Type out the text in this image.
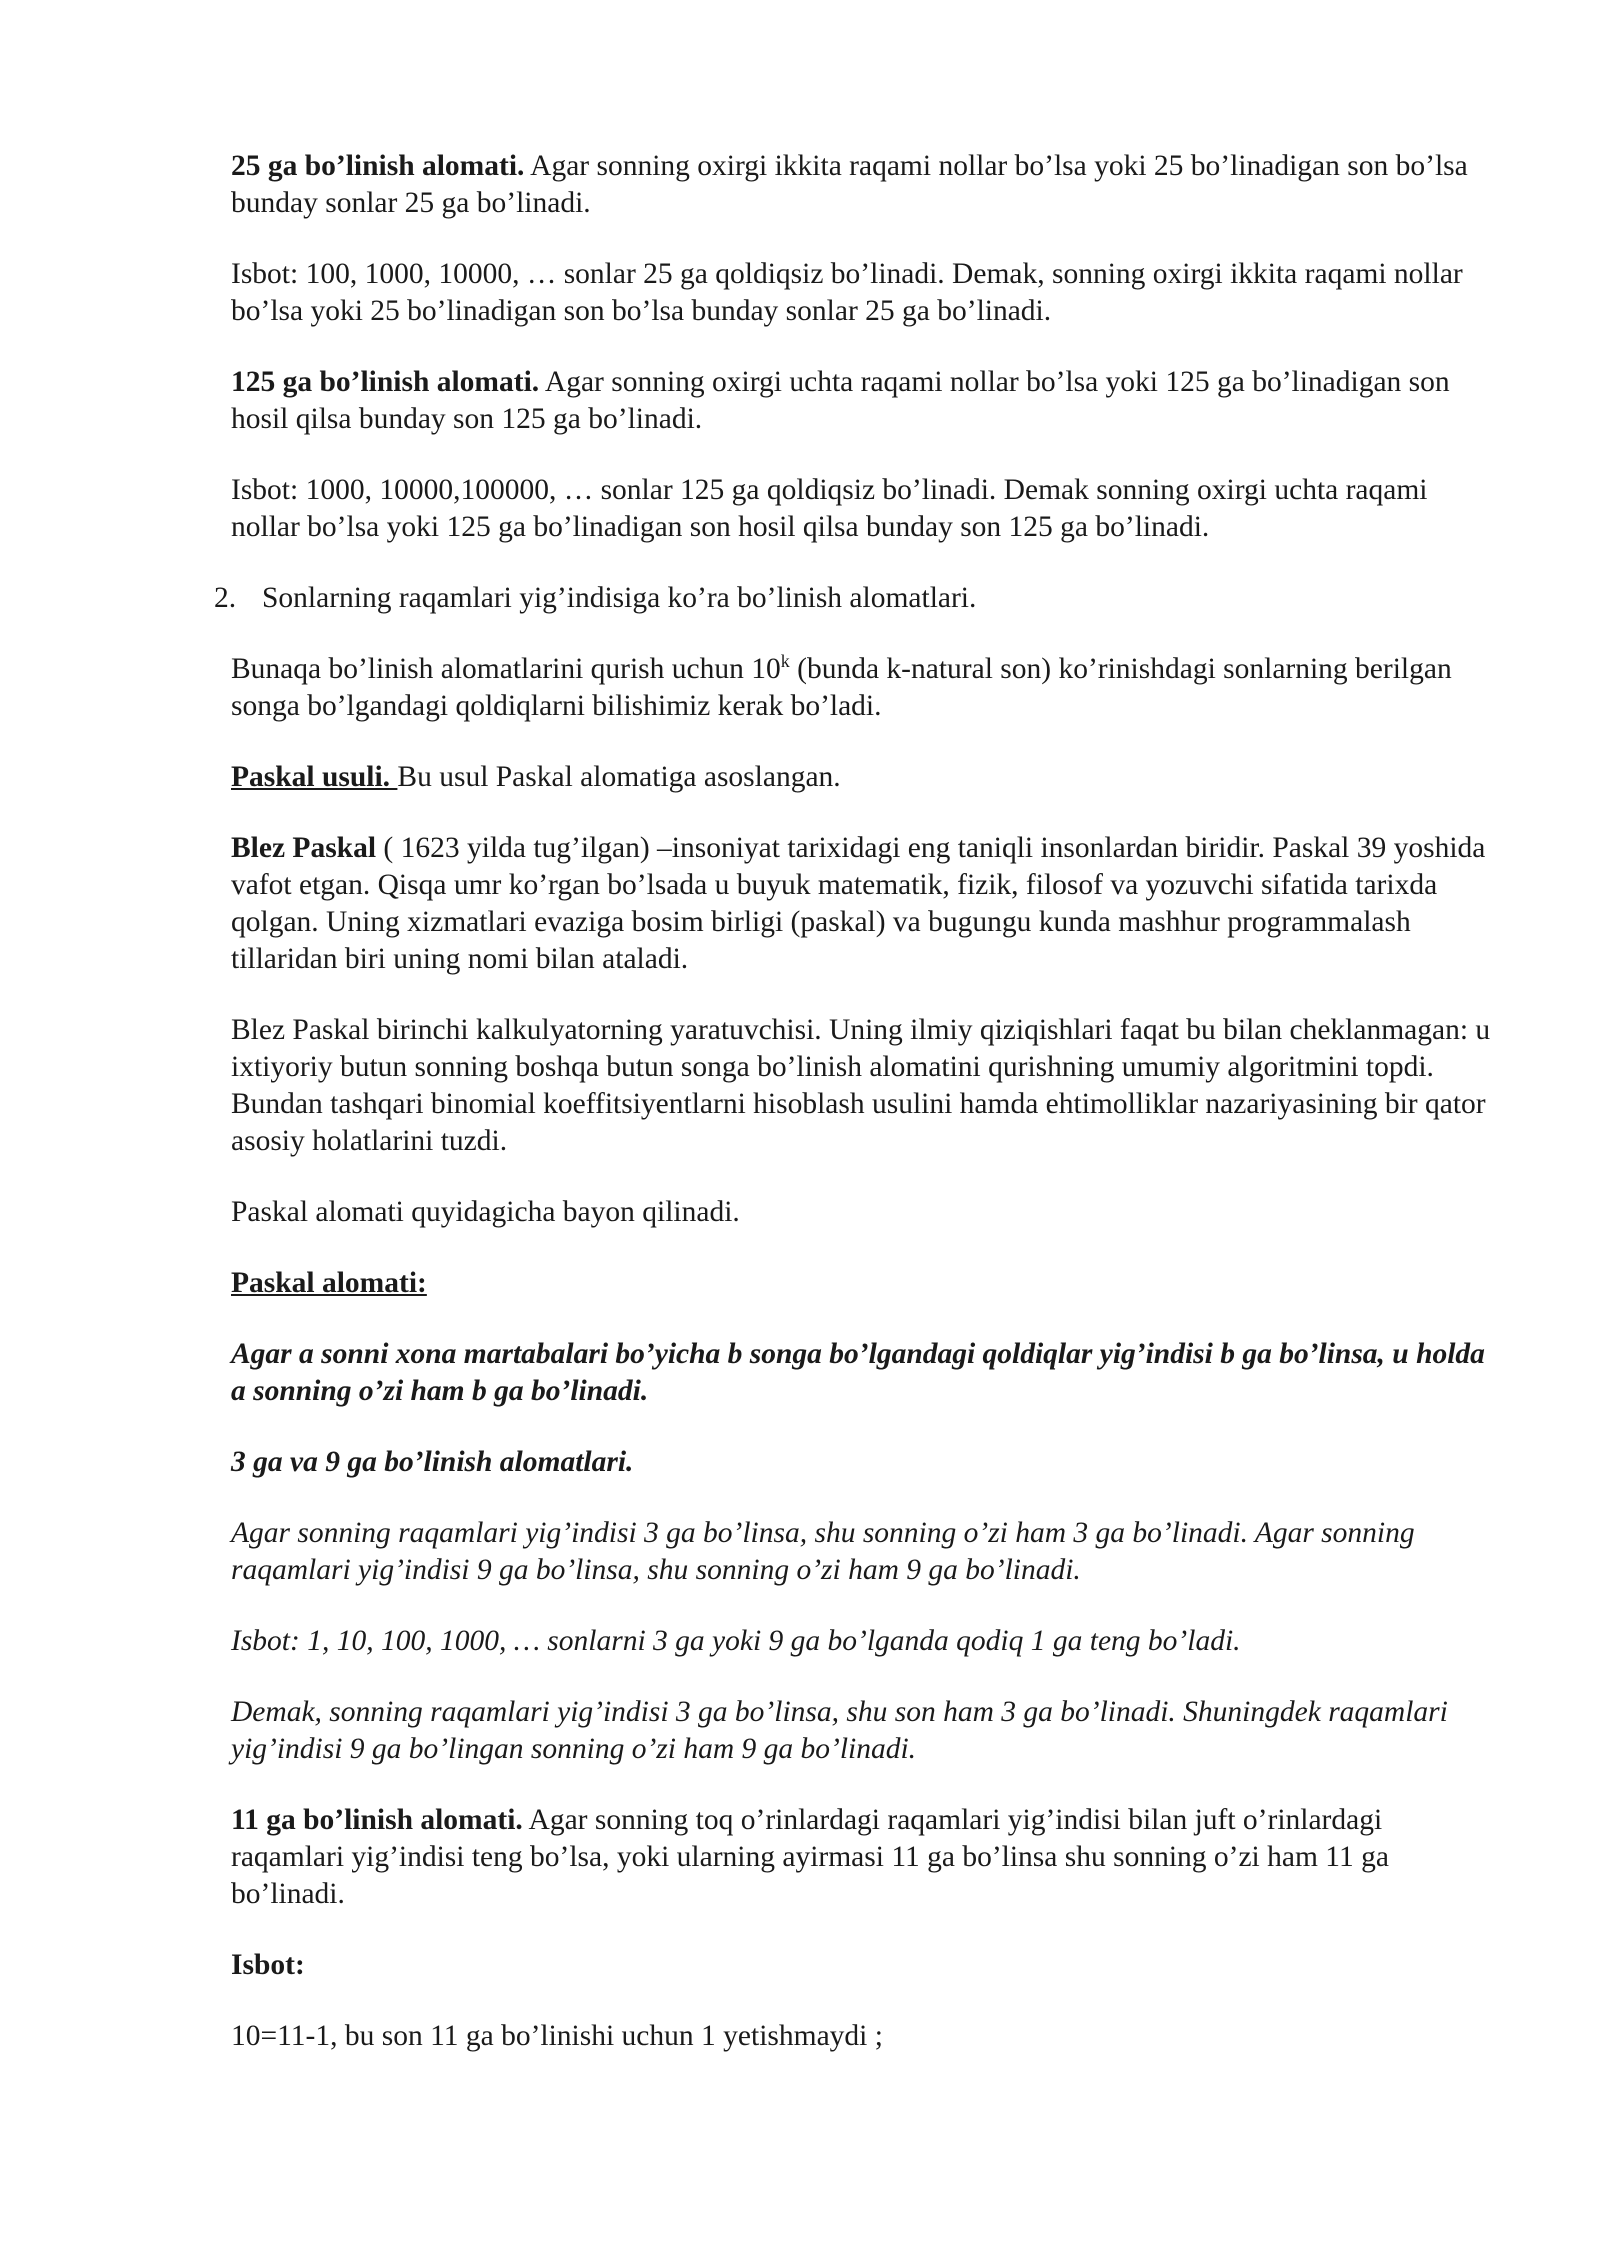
25 ga bo’linish alomati. Agar sonning oxirgi ikkita raqami nollar bo’lsa yoki 25 bo’linadigan son bo’lsa bunday sonlar 25 ga bo’linadi.

Isbot: 100, 1000, 10000, … sonlar 25 ga qoldiqsiz bo’linadi. Demak, sonning oxirgi ikkita raqami nollar bo’lsa yoki 25 bo’linadigan son bo’lsa bunday sonlar 25 ga bo’linadi.

125 ga bo’linish alomati. Agar sonning oxirgi uchta raqami nollar bo’lsa yoki 125 ga bo’linadigan son hosil qilsa bunday son 125 ga bo’linadi.

Isbot: 1000, 10000,100000, … sonlar 125 ga qoldiqsiz bo’linadi. Demak sonning oxirgi uchta raqami nollar bo’lsa yoki 125 ga bo’linadigan son hosil qilsa bunday son 125 ga bo’linadi.

2. Sonlarning raqamlari yig’indisiga ko’ra bo’linish alomatlari.

Bunaqa bo’linish alomatlarini qurish uchun 10$^k$ (bunda k-natural son) ko’rinishdagi sonlarning berilgan songa bo’lgandagi qoldiqlarni bilishimiz kerak bo’ladi.

Paskal usuli. Bu usul Paskal alomatiga asoslangan.

Blez Paskal ( 1623 yilda tug’ilgan) –insoniyat tarixidagi eng taniqli insonlardan biridir. Paskal 39 yoshida vafot etgan. Qisqa umr ko’rgan bo’lsada u buyuk matematik, fizik, filosof va yozuvchi sifatida tarixda qolgan. Uning xizmatlari evaziga bosim birligi (paskal) va bugungu kunda mashhur programmalash tillaridan biri uning nomi bilan ataladi.

Blez Paskal birinchi kalkulyatorning yaratuvchisi. Uning ilmiy qiziqishlari faqat bu bilan cheklanmagan: u ixtiyoriy butun sonning boshqa butun songa bo’linish alomatini qurishning umumiy algoritmini topdi. Bundan tashqari binomial koeffitsiyentlarni hisoblash usulini hamda ehtimolliklar nazariyasining bir qator asosiy holatlarini tuzdi.

Paskal alomati quyidagicha bayon qilinadi.

Paskal alomati:

Agar a sonni xona martabalari bo’yicha b songa bo’lgandagi qoldiqlar yig’indisi b ga bo’linsa, u holda a sonning o’zi ham b ga bo’linadi.

3 ga va 9 ga bo’linish alomatlari.

Agar sonning raqamlari yig’indisi 3 ga bo’linsa, shu sonning o’zi ham 3 ga bo’linadi. Agar sonning raqamlari yig’indisi 9 ga bo’linsa, shu sonning o’zi ham 9 ga bo’linadi.

Isbot: 1, 10, 100, 1000, … sonlarni 3 ga yoki 9 ga bo’lganda qodiq 1 ga teng bo’ladi.

Demak, sonning raqamlari yig’indisi 3 ga bo’linsa, shu son ham 3 ga bo’linadi. Shuningdek raqamlari yig’indisi 9 ga bo’lingan sonning o’zi ham 9 ga bo’linadi.

11 ga bo’linish alomati. Agar sonning toq o’rinlardagi raqamlari yig’indisi bilan juft o’rinlardagi raqamlari yig’indisi teng bo’lsa, yoki ularning ayirmasi 11 ga bo’linsa shu sonning o’zi ham 11 ga bo’linadi.

Isbot:

10=11-1, bu son 11 ga bo’linishi uchun 1 yetishmaydi ;
